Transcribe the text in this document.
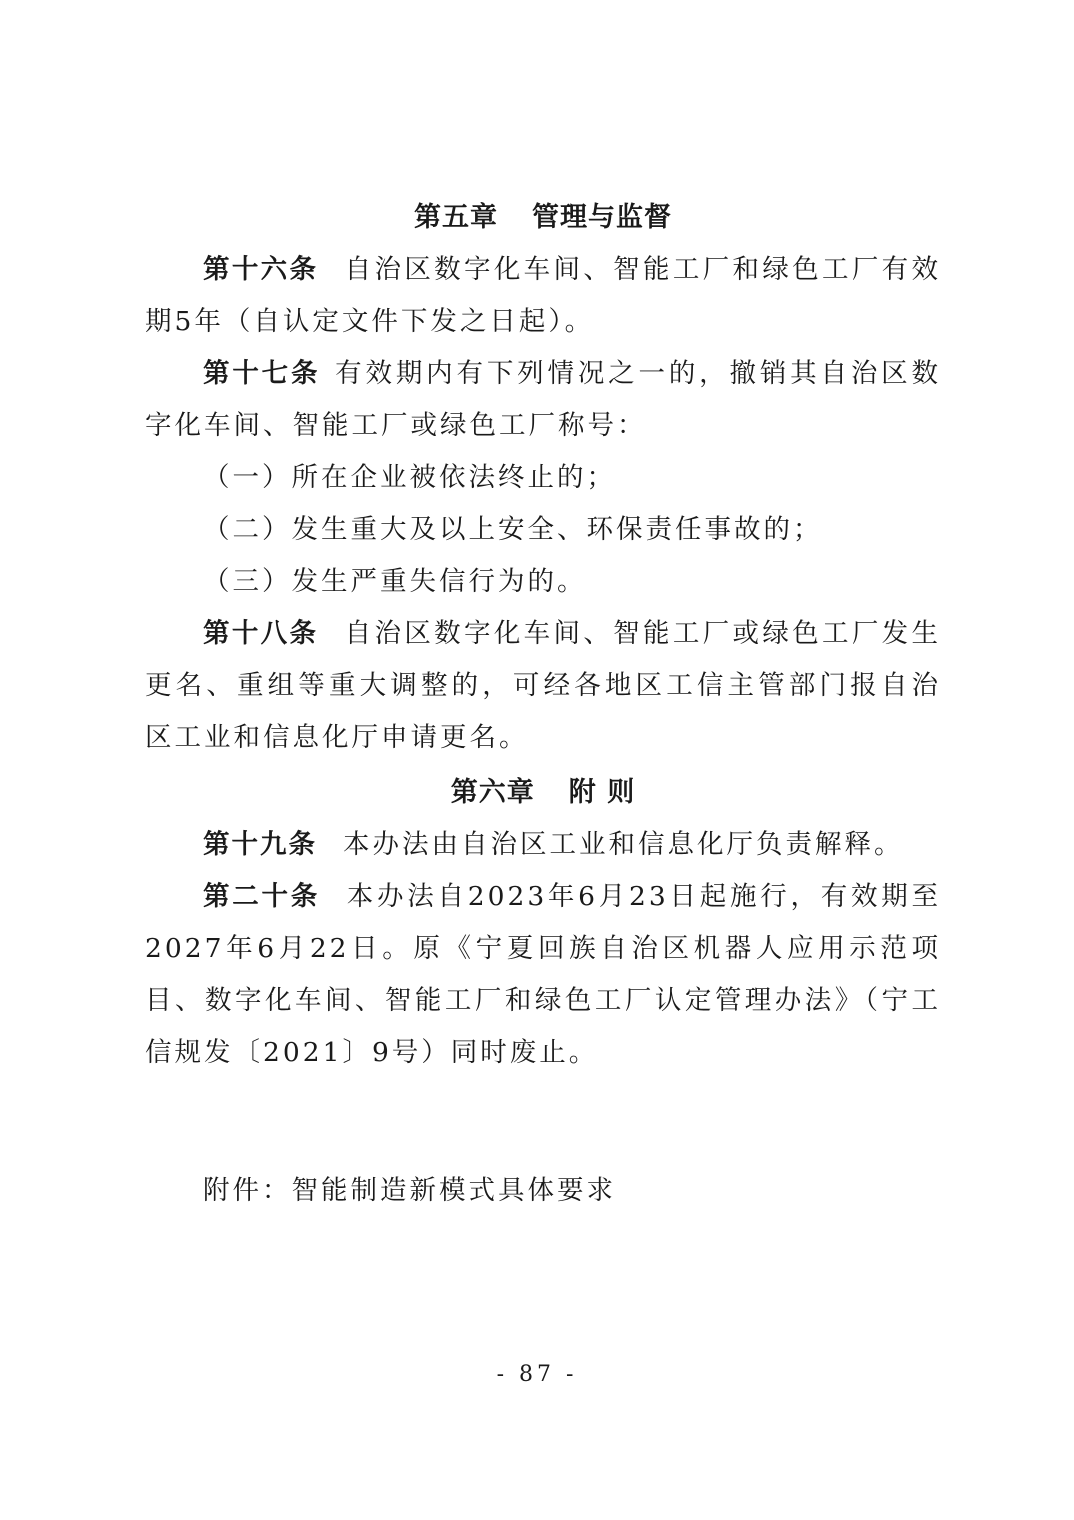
第五章 管理与监督

第十六条 自治区数字化车间、智能工厂和绿色工厂有效期5年（自认定文件下发之日起）。

第十七条 有效期内有下列情况之一的，撤销其自治区数字化车间、智能工厂或绿色工厂称号：

（一）所在企业被依法终止的；

（二）发生重大及以上安全、环保责任事故的；

（三）发生严重失信行为的。

第十八条 自治区数字化车间、智能工厂或绿色工厂发生更名、重组等重大调整的，可经各地区工信主管部门报自治区工业和信息化厅申请更名。

第六章 附 则

第十九条 本办法由自治区工业和信息化厅负责解释。

第二十条 本办法自2023年6月23日起施行，有效期至2027年6月22日。原《宁夏回族自治区机器人应用示范项目、数字化车间、智能工厂和绿色工厂认定管理办法》（宁工信规发〔2021〕9号）同时废止。

附件：智能制造新模式具体要求

- 87 -
